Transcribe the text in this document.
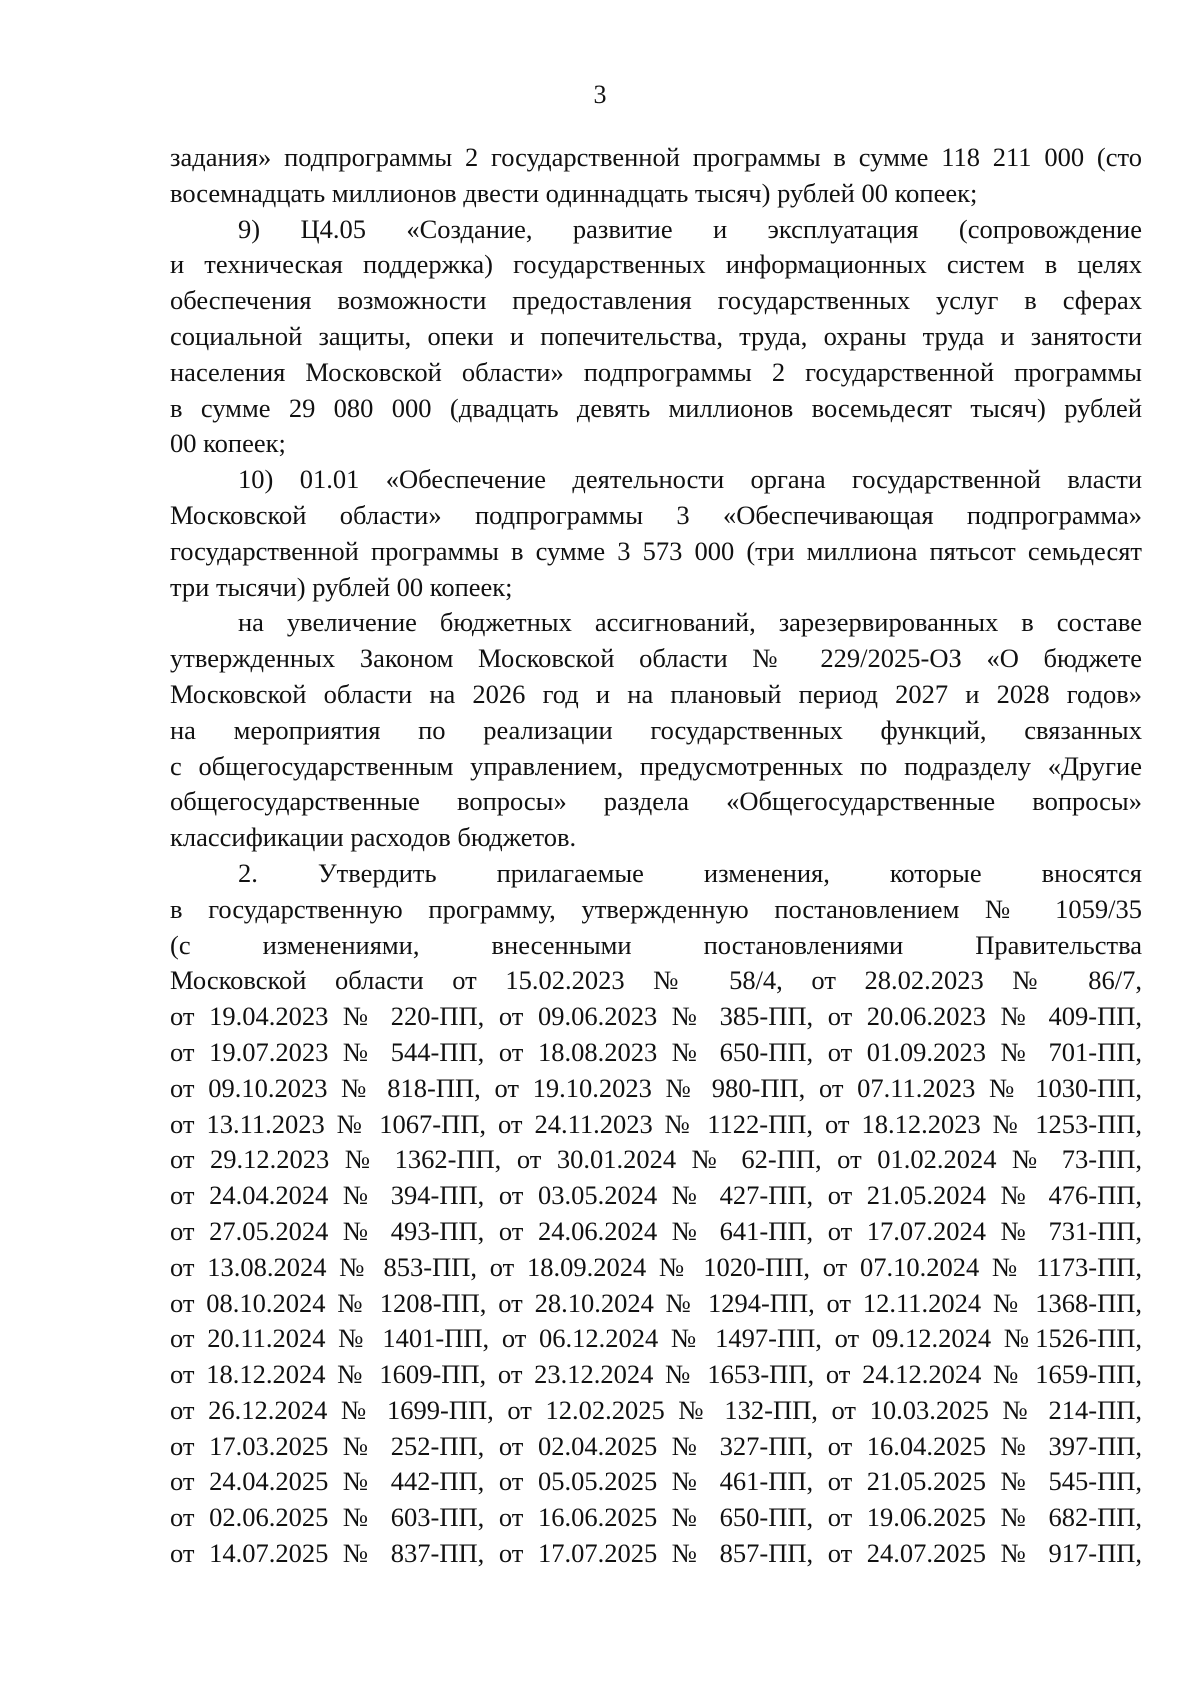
3
задания» подпрограммы 2 государственной программы в сумме 118 211 000 (сто
восемнадцать миллионов двести одиннадцать тысяч) рублей 00 копеек;
9) Ц4.05 «Создание, развитие и эксплуатация (сопровождение
и техническая поддержка) государственных информационных систем в целях
обеспечения возможности предоставления государственных услуг в сферах
социальной защиты, опеки и попечительства, труда, охраны труда и занятости
населения Московской области» подпрограммы 2 государственной программы
в сумме 29 080 000 (двадцать девять миллионов восемьдесят тысяч) рублей
00 копеек;
10) 01.01 «Обеспечение деятельности органа государственной власти
Московской области» подпрограммы 3 «Обеспечивающая подпрограмма»
государственной программы в сумме 3 573 000 (три миллиона пятьсот семьдесят
три тысячи) рублей 00 копеек;
на увеличение бюджетных ассигнований, зарезервированных в составе
утвержденных Законом Московской области № 229/2025-ОЗ «О бюджете
Московской области на 2026 год и на плановый период 2027 и 2028 годов»
на мероприятия по реализации государственных функций, связанных
с общегосударственным управлением, предусмотренных по подразделу «Другие
общегосударственные вопросы» раздела «Общегосударственные вопросы»
классификации расходов бюджетов.
2. Утвердить прилагаемые изменения, которые вносятся
в государственную программу, утвержденную постановлением № 1059/35
(с изменениями, внесенными постановлениями Правительства
Московской области от 15.02.2023 № 58/4, от 28.02.2023 № 86/7,
от 19.04.2023 № 220-ПП, от 09.06.2023 № 385-ПП, от 20.06.2023 № 409-ПП,
от 19.07.2023 № 544-ПП, от 18.08.2023 № 650-ПП, от 01.09.2023 № 701-ПП,
от 09.10.2023 № 818-ПП, от 19.10.2023 № 980-ПП, от 07.11.2023 № 1030-ПП,
от 13.11.2023 № 1067-ПП, от 24.11.2023 № 1122-ПП, от 18.12.2023 № 1253-ПП,
от 29.12.2023 № 1362-ПП, от 30.01.2024 № 62-ПП, от 01.02.2024 № 73-ПП,
от 24.04.2024 № 394-ПП, от 03.05.2024 № 427-ПП, от 21.05.2024 № 476-ПП,
от 27.05.2024 № 493-ПП, от 24.06.2024 № 641-ПП, от 17.07.2024 № 731-ПП,
от 13.08.2024 № 853-ПП, от 18.09.2024 № 1020-ПП, от 07.10.2024 № 1173-ПП,
от 08.10.2024 № 1208-ПП, от 28.10.2024 № 1294-ПП, от 12.11.2024 № 1368-ПП,
от 20.11.2024 № 1401-ПП, от 06.12.2024 № 1497-ПП, от 09.12.2024 №1526-ПП,
от 18.12.2024 № 1609-ПП, от 23.12.2024 № 1653-ПП, от 24.12.2024 № 1659-ПП,
от 26.12.2024 № 1699-ПП, от 12.02.2025 № 132-ПП, от 10.03.2025 № 214-ПП,
от 17.03.2025 № 252-ПП, от 02.04.2025 № 327-ПП, от 16.04.2025 № 397-ПП,
от 24.04.2025 № 442-ПП, от 05.05.2025 № 461-ПП, от 21.05.2025 № 545-ПП,
от 02.06.2025 № 603-ПП, от 16.06.2025 № 650-ПП, от 19.06.2025 № 682-ПП,
от 14.07.2025 № 837-ПП, от 17.07.2025 № 857-ПП, от 24.07.2025 № 917-ПП,
